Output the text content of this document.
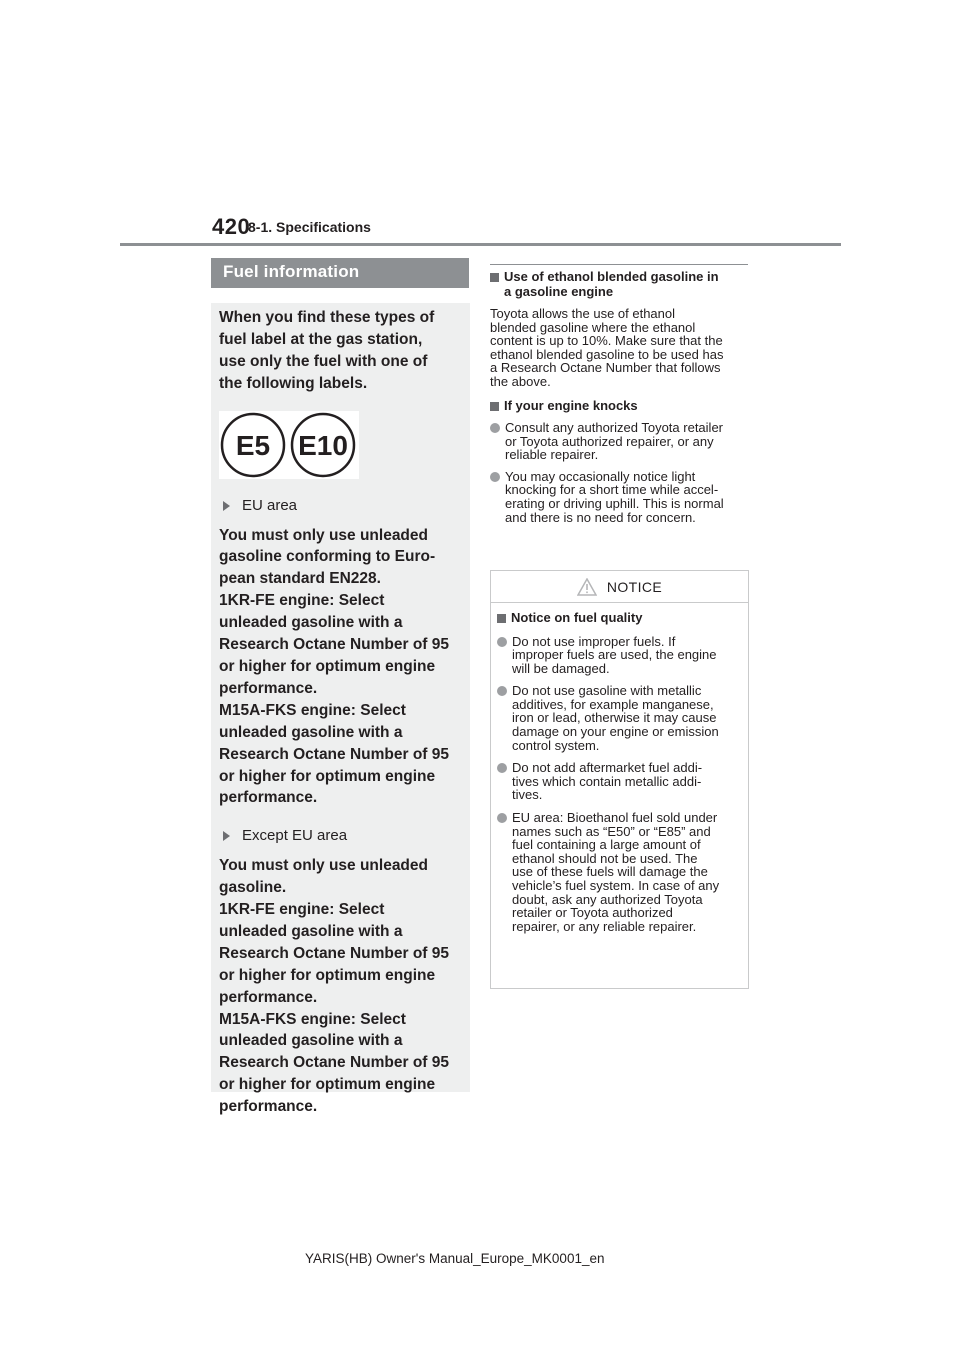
420
8-1. Specifications
Fuel information

When you find these types of
fuel label at the gas station,
use only the fuel with one of
the following labels.

E5 E10
EU area

You must only use unleaded
gasoline conforming to Euro-
pean standard EN228.
1KR-FE engine: Select
unleaded gasoline with a
Research Octane Number of 95
or higher for optimum engine
performance.
M15A-FKS engine: Select
unleaded gasoline with a
Research Octane Number of 95
or higher for optimum engine
performance.

Except EU area

You must only use unleaded
gasoline.
1KR-FE engine: Select
unleaded gasoline with a
Research Octane Number of 95
or higher for optimum engine
performance.
M15A-FKS engine: Select
unleaded gasoline with a
Research Octane Number of 95
or higher for optimum engine
performance.

Use of ethanol blended gasoline in
a gasoline engine

Toyota allows the use of ethanol
blended gasoline where the ethanol
content is up to 10%. Make sure that the
ethanol blended gasoline to be used has
a Research Octane Number that follows
the above.

If your engine knocks
Consult any authorized Toyota retailer
or Toyota authorized repairer, or any
reliable repairer.
You may occasionally notice light
knocking for a short time while accel-
erating or driving uphill. This is normal
and there is no need for concern.
NOTICE
Notice on fuel quality
Do not use improper fuels. If
improper fuels are used, the engine
will be damaged.
Do not use gasoline with metallic
additives, for example manganese,
iron or lead, otherwise it may cause
damage on your engine or emission
control system.
Do not add aftermarket fuel addi-
tives which contain metallic addi-
tives.
EU area: Bioethanol fuel sold under
names such as “E50” or “E85” and
fuel containing a large amount of
ethanol should not be used. The
use of these fuels will damage the
vehicle’s fuel system. In case of any
doubt, ask any authorized Toyota
retailer or Toyota authorized
repairer, or any reliable repairer.
YARIS(HB) Owner's Manual_Europe_MK0001_en
